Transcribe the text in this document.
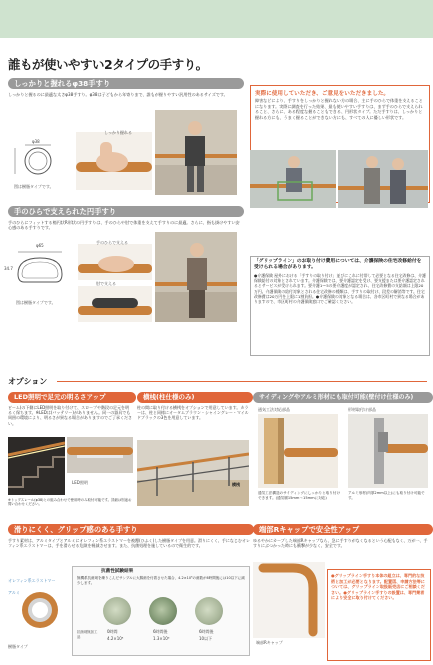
誰もが使いやすい2タイプの手すり。
しっかりと握れるφ38手すり
しっかりと握るのに最適な太さφ38手すり。φ38は子どもから年寄りまで、誰もが握りやすい汎用性のあるサイズです。
φ38
図は樹脂タイプです。
しっかり握れる
手のひらで支えられた円手すり
手のひらにフィットする楕円状R形状の円手すりは、手のひらや肘で体重を支えて手すりのに最適。さらに、指も掛けやすい安心感のある手すりです。
φ65
34.7
図は樹脂タイプです。
手のひらで支える
肘で支える
実際に使用していただき、ご意見をいただきました。
障害などにより、手すりをしっかりと握れない方の場合、主に手のひらで体重を支えることになります。実際に調査を行った結果、最も使いやすい手すりは、まず手のひらで支えられること、さらに、ある程度な握ることもできる、円形状タイプ。ただ手すりは、しっかりと握れる方にも、うまく握ることができない方にも、すべての人に優しい形状です。
「グリップライン」のお取り付け費用については、介護保険の住宅改修給付を受けられる場合があります。
●介護保険 屋外における「手すりの取り付け」並びにこれに付帯して必要となる住宅改修は、介護保険給付の対象とされています。介護保険では、要介護認定を受け、要支援または要介護認定されるとサービスが受けられます。要介護1〜5の要介護度が認定され、住宅改修費の支給額は上限20万円。介護保険の給付対象とされる住宅改修の種類は、手すりの取付け、段差の解消等です。住宅改修費は20万円を上限に1割負担。●介護保険の対象となる場合は、各市区町村で異なる場合がありますので、市区町村の介護保険窓口でご確認ください。
オプション
LED照明で足元の明るさアップ
ビーム(の下側にLED照明を取り付けて、スロープや階段の足元を明るく保ちます。※LEDは(バッテリー)がありません。同一の器具でも周囲の環境により、明るさが異なる場合がありますのでご了承ください。
LED照明
※トップスレール(φ38)との組み合わせで使用時のみ取付可能です。詳細は別途お問い合わせください。
横桟(柱仕様のみ)
柱の間に取り付ける横桟をオプションで用意しています。カラーは、柱と同様にオータムブラウン・シャイングレー・マイルドブラックの3色を用意しています。
横桟
サイディングやアルミ形材にも取付可能(壁付け仕様のみ)
通気工法対応部品	形材取付け部品
通気工法構造のサイディングにしっかりと取り付けできます。(通気層15mm〜15mmに対応)
アルミ形材(肉厚2mm以上)にも取り付け可能です。
滑りにくく、グリップ感のある手すり
手すり素材は、アルミタイプとアルミにオレフィン系エラストマーを被覆(ひふく)した樹脂タイプを用意。滑りにくく、手になじむオレフィン系エラストマーは、手を滑らせる危険を軽減させます。また、抗菌処理を施しているので衛生的です。
オレフィン系エラストマー
アルミ
樹脂タイプ
抗菌性試験結果
無機系抗菌剤を練りこんだサンプルに大腸菌を付着させた場合、4.2×10⁵の菌数が6時間後には10以下に減少します。
抗菌剤無加工品
0時間
4.2×10⁵
6時間後
1.3×10⁶
6時間後
10以下
端部Rキャップで安全性アップ
ゆるやかにカーブした端部Rキャップなら、急に手すりがなくなるという心配もなく、万が一、手すりにぶつかった時にも衝撃が少なく、安全です。
端部Rキャップ
●グリップライン手すり本体の組立は、専門的な技術と加工が必要となります。配置図、申請方法等については、グリップライン取扱販売店にご相談ください。●グリップライン手すりの設置は、専門業者により安全に取り付けてください。
